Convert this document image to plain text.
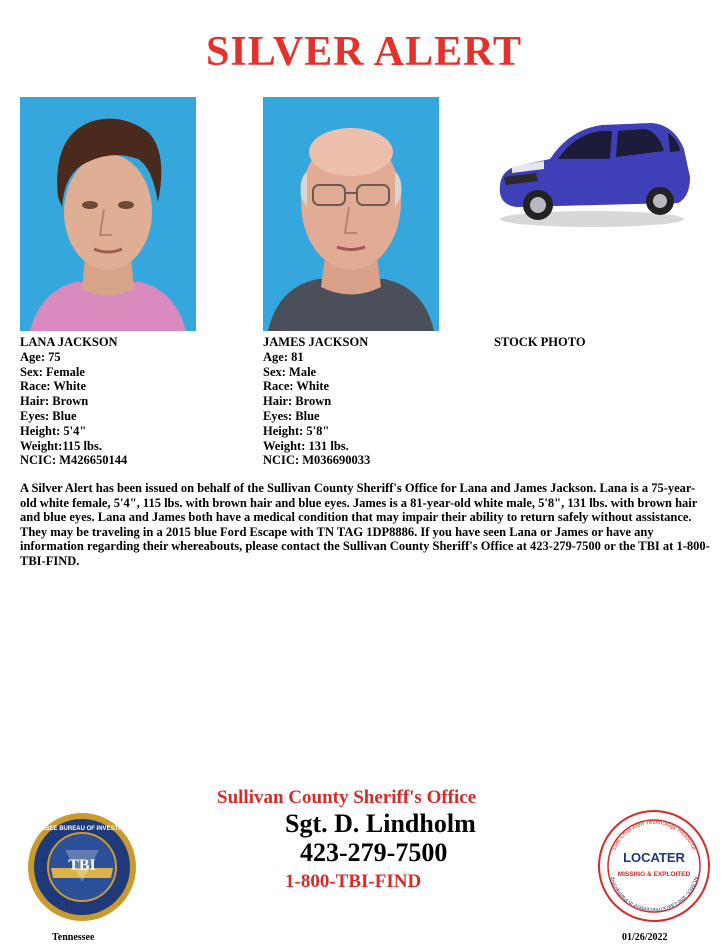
SILVER ALERT
LANA JACKSON
Age: 75
Sex: Female
Race: White
Hair: Brown
Eyes: Blue
Height: 5'4"
Weight:115 lbs.
NCIC: M426650144
JAMES JACKSON
Age: 81
Sex: Male
Race: White
Hair: Brown
Eyes: Blue
Height: 5'8"
Weight: 131 lbs.
NCIC: M036690033
STOCK PHOTO
A Silver Alert has been issued on behalf of the Sullivan County Sheriff's Office for Lana and James Jackson. Lana is a 75-year-old white female, 5'4", 115 lbs. with brown hair and blue eyes. James is a 81-year-old white male, 5'8", 131 lbs. with brown hair and blue eyes. Lana and James both have a medical condition that may impair their ability to return safely without assistance. They may be traveling in a 2015 blue Ford Escape with TN TAG 1DP8886. If you have seen Lana or James or have any information regarding their whereabouts, please contact the Sullivan County Sheriff's Office at 423-279-7500 or the TBI at 1-800-TBI-FIND.
Sullivan County Sheriff's Office
Sgt. D. Lindholm
423-279-7500
1-800-TBI-FIND
TBI
TENNESSEE BUREAU OF INVESTIGATION
LOCATER
MISSING & EXPLOITED
Lost Child Alert Technology Resource
NCMEC and Law Enforcement in Partnership
Tennessee	01/26/2022
